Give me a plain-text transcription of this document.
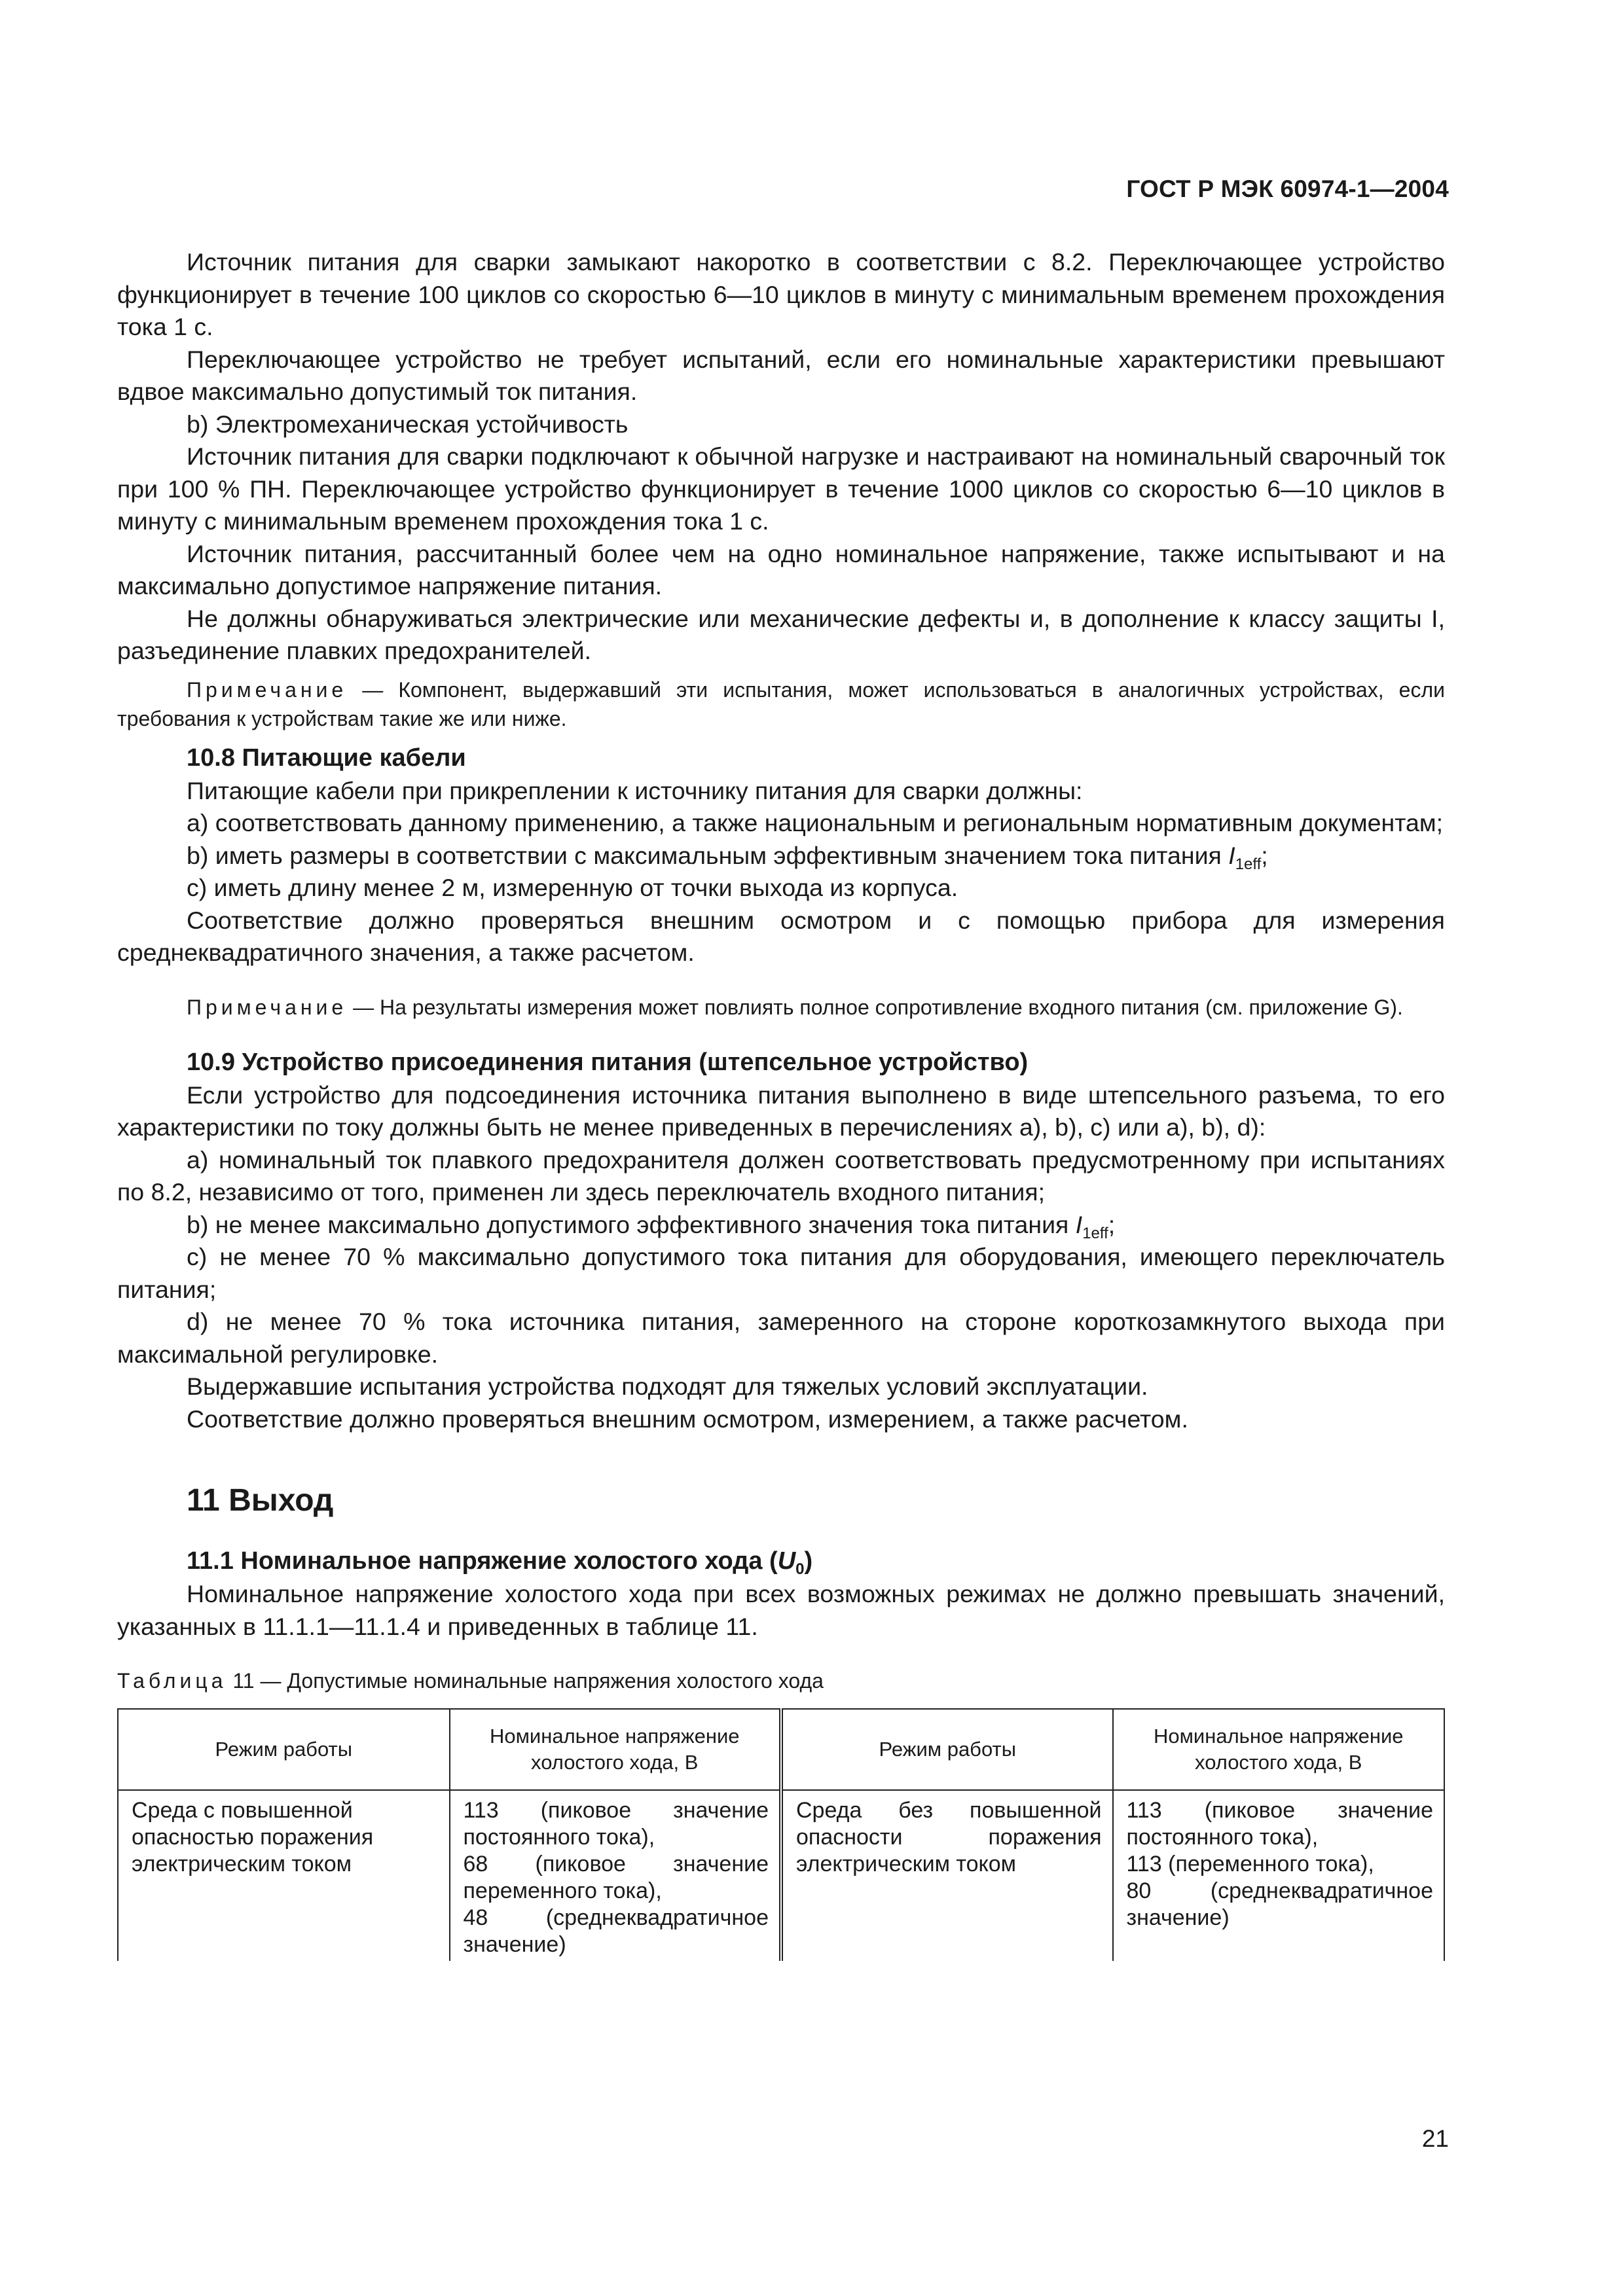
ГОСТ Р МЭК 60974-1—2004

Источник питания для сварки замыкают накоротко в соответствии с 8.2. Переключающее устройство функционирует в течение 100 циклов со скоростью 6—10 циклов в минуту с минимальным временем прохождения тока 1 с.

Переключающее устройство не требует испытаний, если его номинальные характеристики превышают вдвое максимально допустимый ток питания.

b) Электромеханическая устойчивость

Источник питания для сварки подключают к обычной нагрузке и настраивают на номинальный сварочный ток при 100 % ПН. Переключающее устройство функционирует в течение 1000 циклов со скоростью 6—10 циклов в минуту с минимальным временем прохождения тока 1 с.

Источник питания, рассчитанный более чем на одно номинальное напряжение, также испытывают и на максимально допустимое напряжение питания.

Не должны обнаруживаться электрические или механические дефекты и, в дополнение к классу защиты I, разъединение плавких предохранителей.

Примечание — Компонент, выдержавший эти испытания, может использоваться в аналогичных устройствах, если требования к устройствам такие же или ниже.

10.8 Питающие кабели

Питающие кабели при прикреплении к источнику питания для сварки должны:

а) соответствовать данному применению, а также национальным и региональным нормативным документам;

b) иметь размеры в соответствии с максимальным эффективным значением тока питания $I_{1eff}$;

с) иметь длину менее 2 м, измеренную от точки выхода из корпуса.

Соответствие должно проверяться внешним осмотром и с помощью прибора для измерения среднеквадратичного значения, а также расчетом.

Примечание — На результаты измерения может повлиять полное сопротивление входного питания (см. приложение G).

10.9 Устройство присоединения питания (штепсельное устройство)

Если устройство для подсоединения источника питания выполнено в виде штепсельного разъема, то его характеристики по току должны быть не менее приведенных в перечислениях а), b), с) или а), b), d):

а) номинальный ток плавкого предохранителя должен соответствовать предусмотренному при испытаниях по 8.2, независимо от того, применен ли здесь переключатель входного питания;

b) не менее максимально допустимого эффективного значения тока питания $I_{1eff}$;

с) не менее 70 % максимально допустимого тока питания для оборудования, имеющего переключатель питания;

d) не менее 70 % тока источника питания, замеренного на стороне короткозамкнутого выхода при максимальной регулировке.

Выдержавшие испытания устройства подходят для тяжелых условий эксплуатации.

Соответствие должно проверяться внешним осмотром, измерением, а также расчетом.

11 Выход

11.1 Номинальное напряжение холостого хода $(U_0)$

Номинальное напряжение холостого хода при всех возможных режимах не должно превышать значений, указанных в 11.1.1—11.1.4 и приведенных в таблице 11.

Таблица 11 — Допустимые номинальные напряжения холостого хода

Режим работы	Номинальное напряжение холостого хода, В	Режим работы	Номинальное напряжение холостого хода, В
Среда с повышенной опасностью поражения электрическим током	113 (пиковое значение постоянного тока),
68 (пиковое значение переменного тока),
48 (среднеквадратичное значение)	Среда без повышенной опасности поражения электрическим током	113 (пиковое значение постоянного тока),
113 (переменного тока),
80 (среднеквадратичное значение)
21
